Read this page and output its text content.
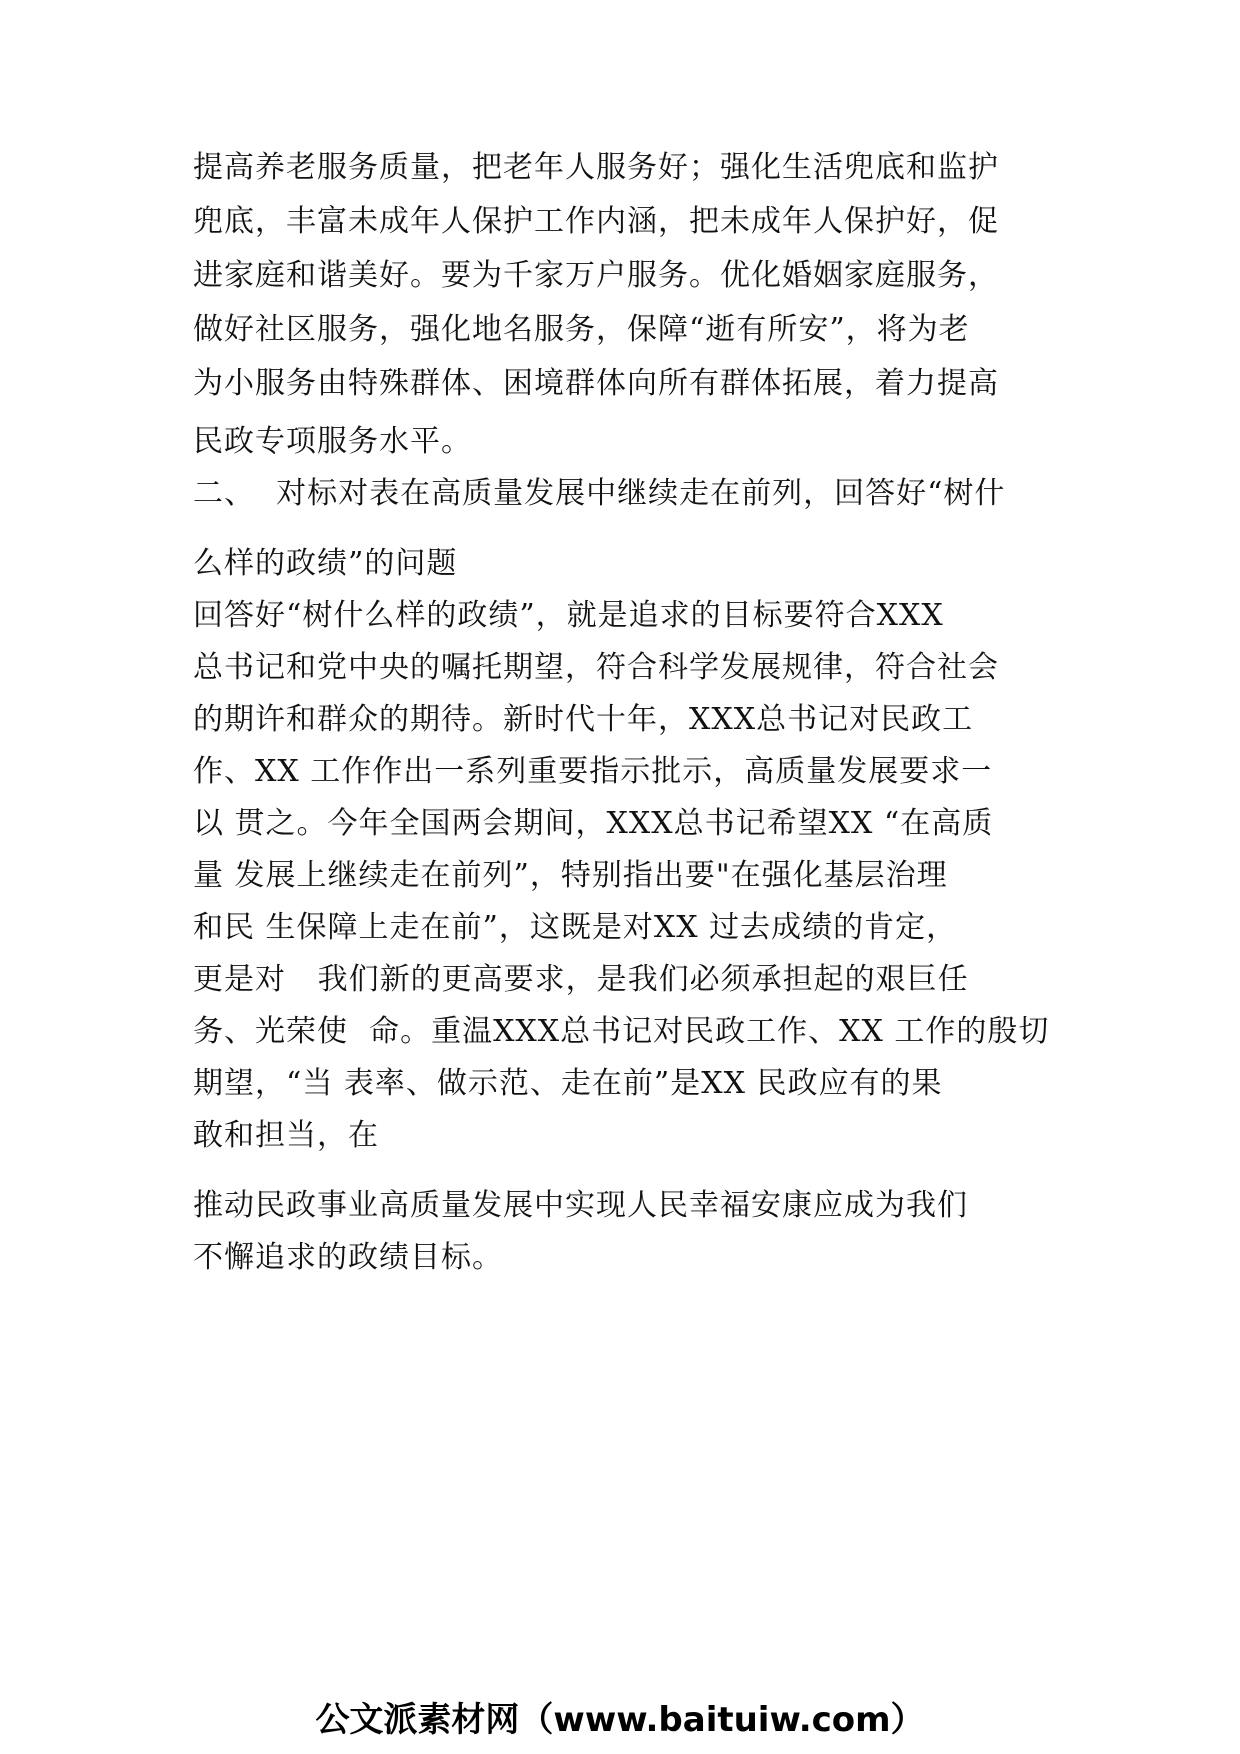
提高养老服务质量，把老年人服务好；强化生活兜底和监护
兜底，丰富未成年人保护工作内涵，把未成年人保护好，促
进家庭和谐美好。要为千家万户服务。优化婚姻家庭服务，
做好社区服务，强化地名服务，保障“逝有所安”，将为老
为小服务由特殊群体、困境群体向所有群体拓展，着力提高
民政专项服务水平。
二、  对标对表在高质量发展中继续走在前列，回答好“树什
么样的政绩”的问题
回答好“树什么样的政绩”，就是追求的目标要符合XXX
总书记和党中央的嘱托期望，符合科学发展规律，符合社会
的期许和群众的期待。新时代十年，XXX总书记对民政工
作、XX 工作作出一系列重要指示批示，高质量发展要求一
以 贯之。今年全国两会期间，XXX总书记希望XX “在高质
量 发展上继续走在前列”，特别指出要"在强化基层治理
和民 生保障上走在前”，这既是对XX 过去成绩的肯定，
更是对   我们新的更高要求，是我们必须承担起的艰巨任
务、光荣使  命。重温XXX总书记对民政工作、XX 工作的殷切
期望，“当 表率、做示范、走在前”是XX 民政应有的果
敢和担当，在
推动民政事业高质量发展中实现人民幸福安康应成为我们
不懈追求的政绩目标。
公文派素材网（www.baituiw.com）
